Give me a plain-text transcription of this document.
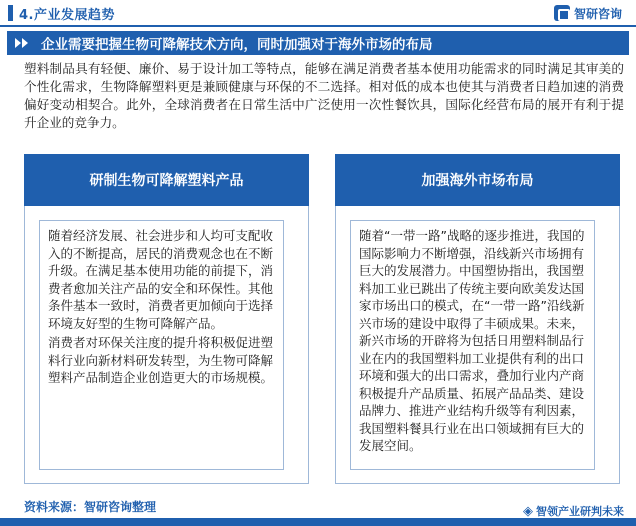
4.产业发展趋势	智研咨询
企业需要把握生物可降解技术方向，同时加强对于海外市场的布局
塑料制品具有轻便、廉价、易于设计加工等特点，能够在满足消费者基本使用功能需求的同时满足其审美的个性化需求，生物降解塑料更是兼顾健康与环保的不二选择。相对低的成本也使其与消费者日趋加速的消费偏好变动相契合。此外，全球消费者在日常生活中广泛使用一次性餐饮具，国际化经营布局的展开有利于提升企业的竞争力。
研制生物可降解塑料产品

随着经济发展、社会进步和人均可支配收入的不断提高，居民的消费观念也在不断升级。在满足基本使用功能的前提下，消费者愈加关注产品的安全和环保性。其他条件基本一致时，消费者更加倾向于选择环境友好型的生物可降解产品。

消费者对环保关注度的提升将积极促进塑料行业向新材料研发转型，为生物可降解塑料产品制造企业创造更大的市场规模。

加强海外市场布局

随着“一带一路”战略的逐步推进，我国的国际影响力不断增强，沿线新兴市场拥有巨大的发展潜力。中国塑协指出，我国塑料加工业已跳出了传统主要向欧美发达国家市场出口的模式，在“一带一路”沿线新兴市场的建设中取得了丰硕成果。未来，新兴市场的开辟将为包括日用塑料制品行业在内的我国塑料加工业提供有利的出口环境和强大的出口需求，叠加行业内产商积极提升产品质量、拓展产品品类、建设品牌力、推进产业结构升级等有利因素，我国塑料餐具行业在出口领域拥有巨大的发展空间。

资料来源：智研咨询整理	◈ 智领产业研判未来
